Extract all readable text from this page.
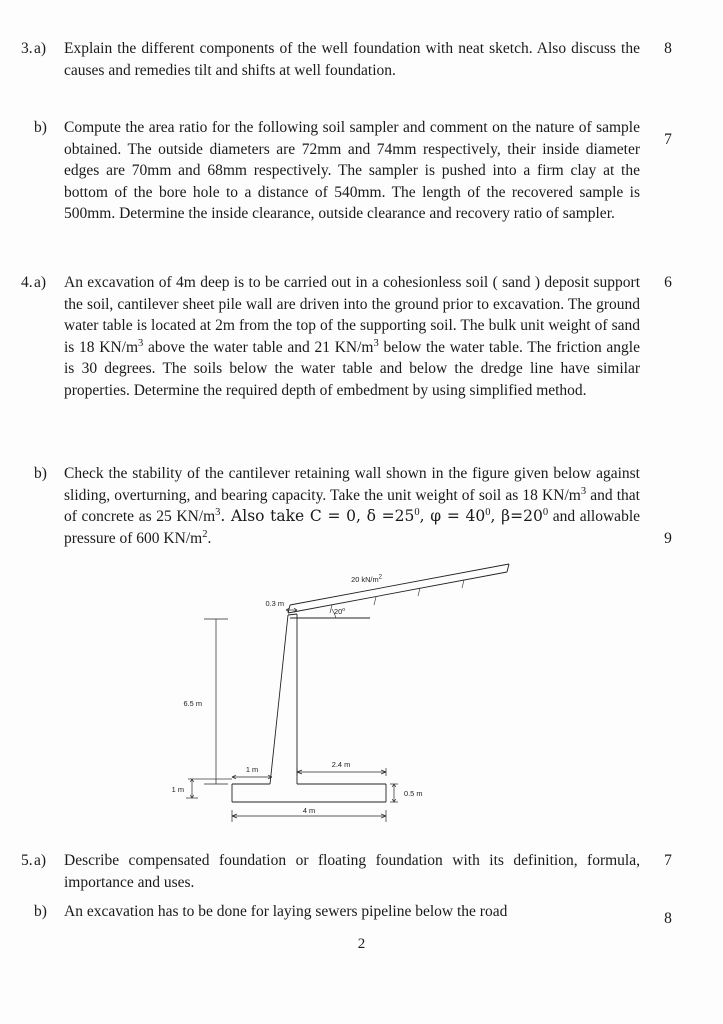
3. a)	Explain the different components of the well foundation with neat sketch. Also discuss the causes and remedies tilt and shifts at well foundation.
8
b)	Compute the area ratio for the following soil sampler and comment on the nature of sample obtained. The outside diameters are 72mm and 74mm respectively, their inside diameter edges are 70mm and 68mm respectively. The sampler is pushed into a firm clay at the bottom of the bore hole to a distance of 540mm. The length of the recovered sample is 500mm. Determine the inside clearance, outside clearance and recovery ratio of sampler.
7
4. a)	An excavation of 4m deep is to be carried out in a cohesionless soil ( sand ) deposit support the soil, cantilever sheet pile wall are driven into the ground prior to excavation. The ground water table is located at 2m from the top of the supporting soil. The bulk unit weight of sand is 18 $KN/m^3$ above the water table and 21 $KN/m^3$ below the water table. The friction angle is 30 degrees. The soils below the water table and below the dredge line have similar properties. Determine the required depth of embedment by using simplified method.
6
b)	Check the stability of the cantilever retaining wall shown in the figure given below against sliding, overturning, and bearing capacity. Take the unit weight of soil as 18 $KN/m^3$ and that of concrete as 25 $KN/m^3$. Also take C = 0, $\delta =25^0$, $\varphi = 40^0$, $\beta=20^0$ and allowable pressure of 600 $KN/m^2$.	9
20 $kN/m^2$
20$^o$
0.3 m
6.5 m
1 m
1 m
2.4 m
0.5 m
4 m
5. a)	Describe compensated foundation or floating foundation with its definition, formula, importance and uses.
7
b)	An excavation has to be done for laying sewers pipeline below the road	8
2
